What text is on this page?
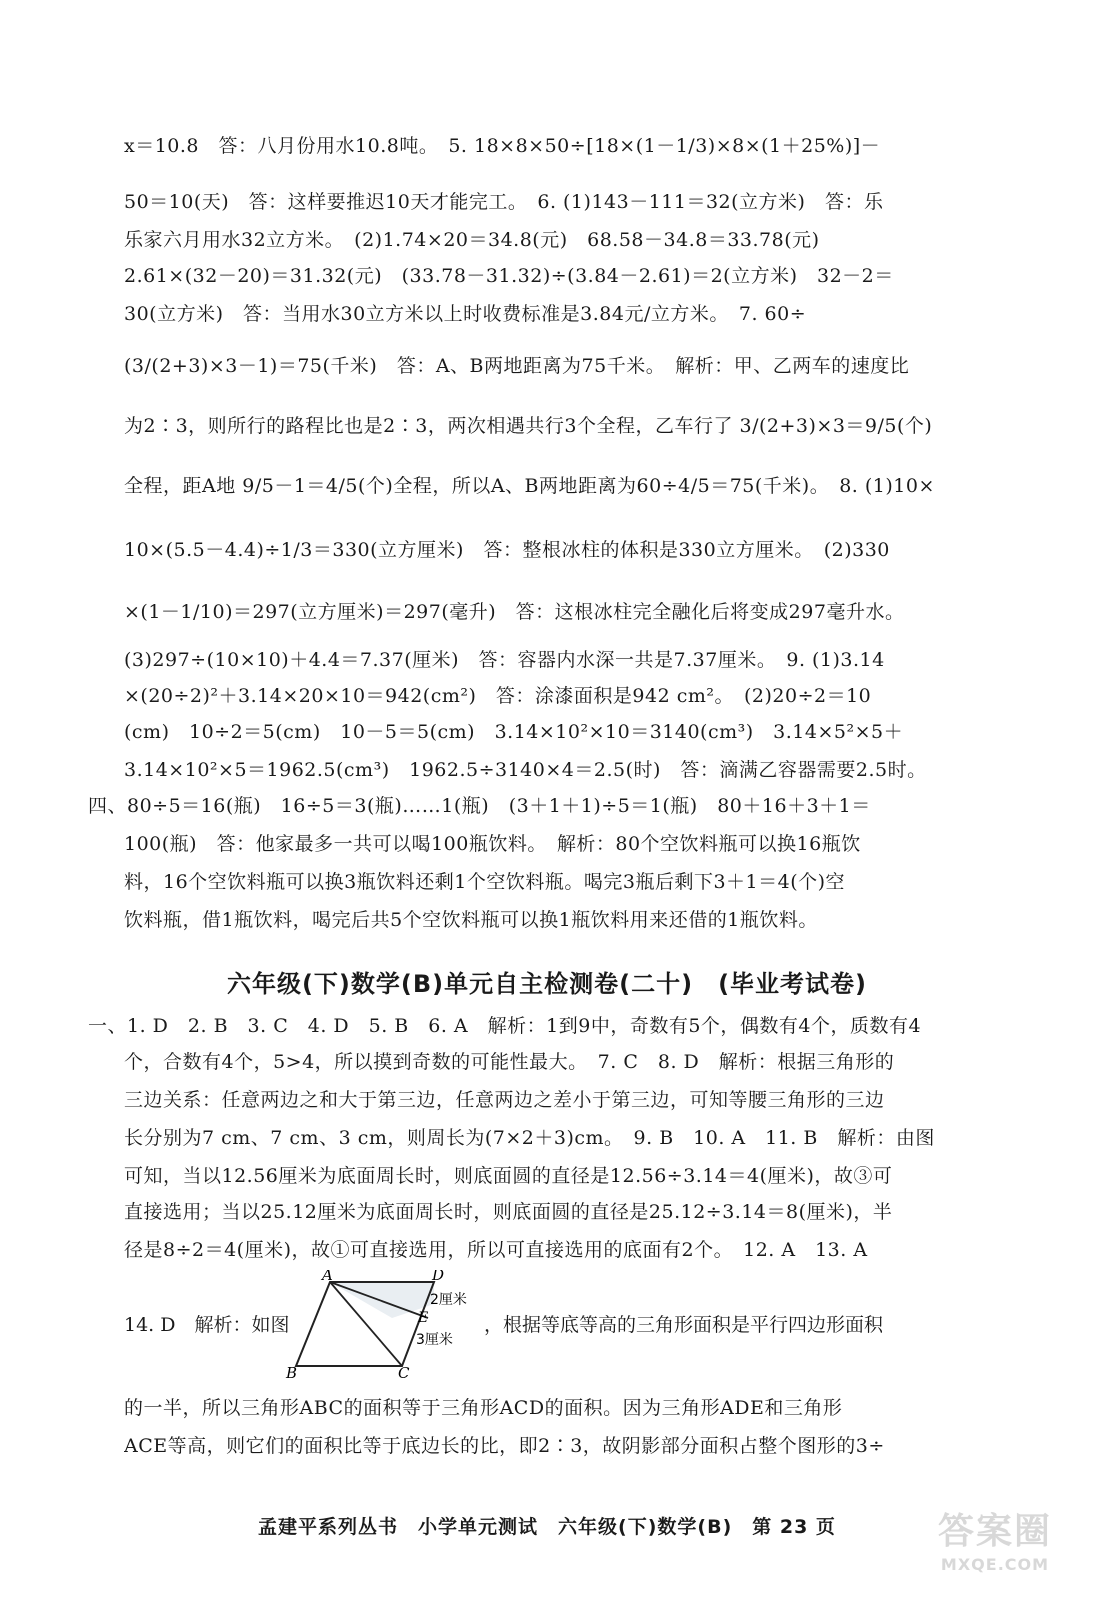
x＝10.8　答：八月份用水10.8吨。　5. 18×8×50÷[18×(1－1/3)×8×(1＋25%)]－
50＝10(天)　答：这样要推迟10天才能完工。　6. (1)143－111＝32(立方米)　答：乐
乐家六月用水32立方米。　(2)1.74×20＝34.8(元)　68.58－34.8＝33.78(元)
2.61×(32－20)＝31.32(元)　(33.78－31.32)÷(3.84－2.61)＝2(立方米)　32－2＝
30(立方米)　答：当用水30立方米以上时收费标准是3.84元/立方米。　7. 60÷
(3/(2+3)×3－1)＝75(千米)　答：A、B两地距离为75千米。　解析：甲、乙两车的速度比
为2∶3，则所行的路程比也是2∶3，两次相遇共行3个全程，乙车行了 3/(2+3)×3＝9/5(个)
全程，距A地 9/5－1＝4/5(个)全程，所以A、B两地距离为60÷4/5＝75(千米)。　8. (1)10×
10×(5.5－4.4)÷1/3＝330(立方厘米)　答：整根冰柱的体积是330立方厘米。　(2)330
×(1－1/10)＝297(立方厘米)＝297(毫升)　答：这根冰柱完全融化后将变成297毫升水。
(3)297÷(10×10)＋4.4＝7.37(厘米)　答：容器内水深一共是7.37厘米。　9. (1)3.14
×(20÷2)²＋3.14×20×10＝942(cm²)　答：涂漆面积是942 cm²。　(2)20÷2＝10
(cm)　10÷2＝5(cm)　10－5＝5(cm)　3.14×10²×10＝3140(cm³)　3.14×5²×5＋
3.14×10²×5＝1962.5(cm³)　1962.5÷3140×4＝2.5(时)　答：滴满乙容器需要2.5时。
四、80÷5＝16(瓶)　16÷5＝3(瓶)……1(瓶)　(3＋1＋1)÷5＝1(瓶)　80＋16＋3＋1＝
100(瓶)　答：他家最多一共可以喝100瓶饮料。　解析：80个空饮料瓶可以换16瓶饮
料，16个空饮料瓶可以换3瓶饮料还剩1个空饮料瓶。喝完3瓶后剩下3＋1＝4(个)空
饮料瓶，借1瓶饮料，喝完后共5个空饮料瓶可以换1瓶饮料用来还借的1瓶饮料。
六年级(下)数学(B)单元自主检测卷(二十)　(毕业考试卷)
一、1. D　2. B　3. C　4. D　5. B　6. A　解析：1到9中，奇数有5个，偶数有4个，质数有4
个，合数有4个，5>4，所以摸到奇数的可能性最大。　7. C　8. D　解析：根据三角形的
三边关系：任意两边之和大于第三边，任意两边之差小于第三边，可知等腰三角形的三边
长分别为7 cm、7 cm、3 cm，则周长为(7×2＋3)cm。　9. B　10. A　11. B　解析：由图
可知，当以12.56厘米为底面周长时，则底面圆的直径是12.56÷3.14＝4(厘米)，故③可
直接选用；当以25.12厘米为底面周长时，则底面圆的直径是25.12÷3.14＝8(厘米)，半
径是8÷2＝4(厘米)，故①可直接选用，所以可直接选用的底面有2个。　12. A　13. A
14. D　解析：如图
A	D
B	C
E
2厘米
3厘米
，根据等底等高的三角形面积是平行四边形面积
的一半，所以三角形ABC的面积等于三角形ACD的面积。因为三角形ADE和三角形
ACE等高，则它们的面积比等于底边长的比，即2∶3，故阴影部分面积占整个图形的3÷
孟建平系列丛书　小学单元测试　六年级(下)数学(B)　第 23 页	答案圈
MXQE.COM
